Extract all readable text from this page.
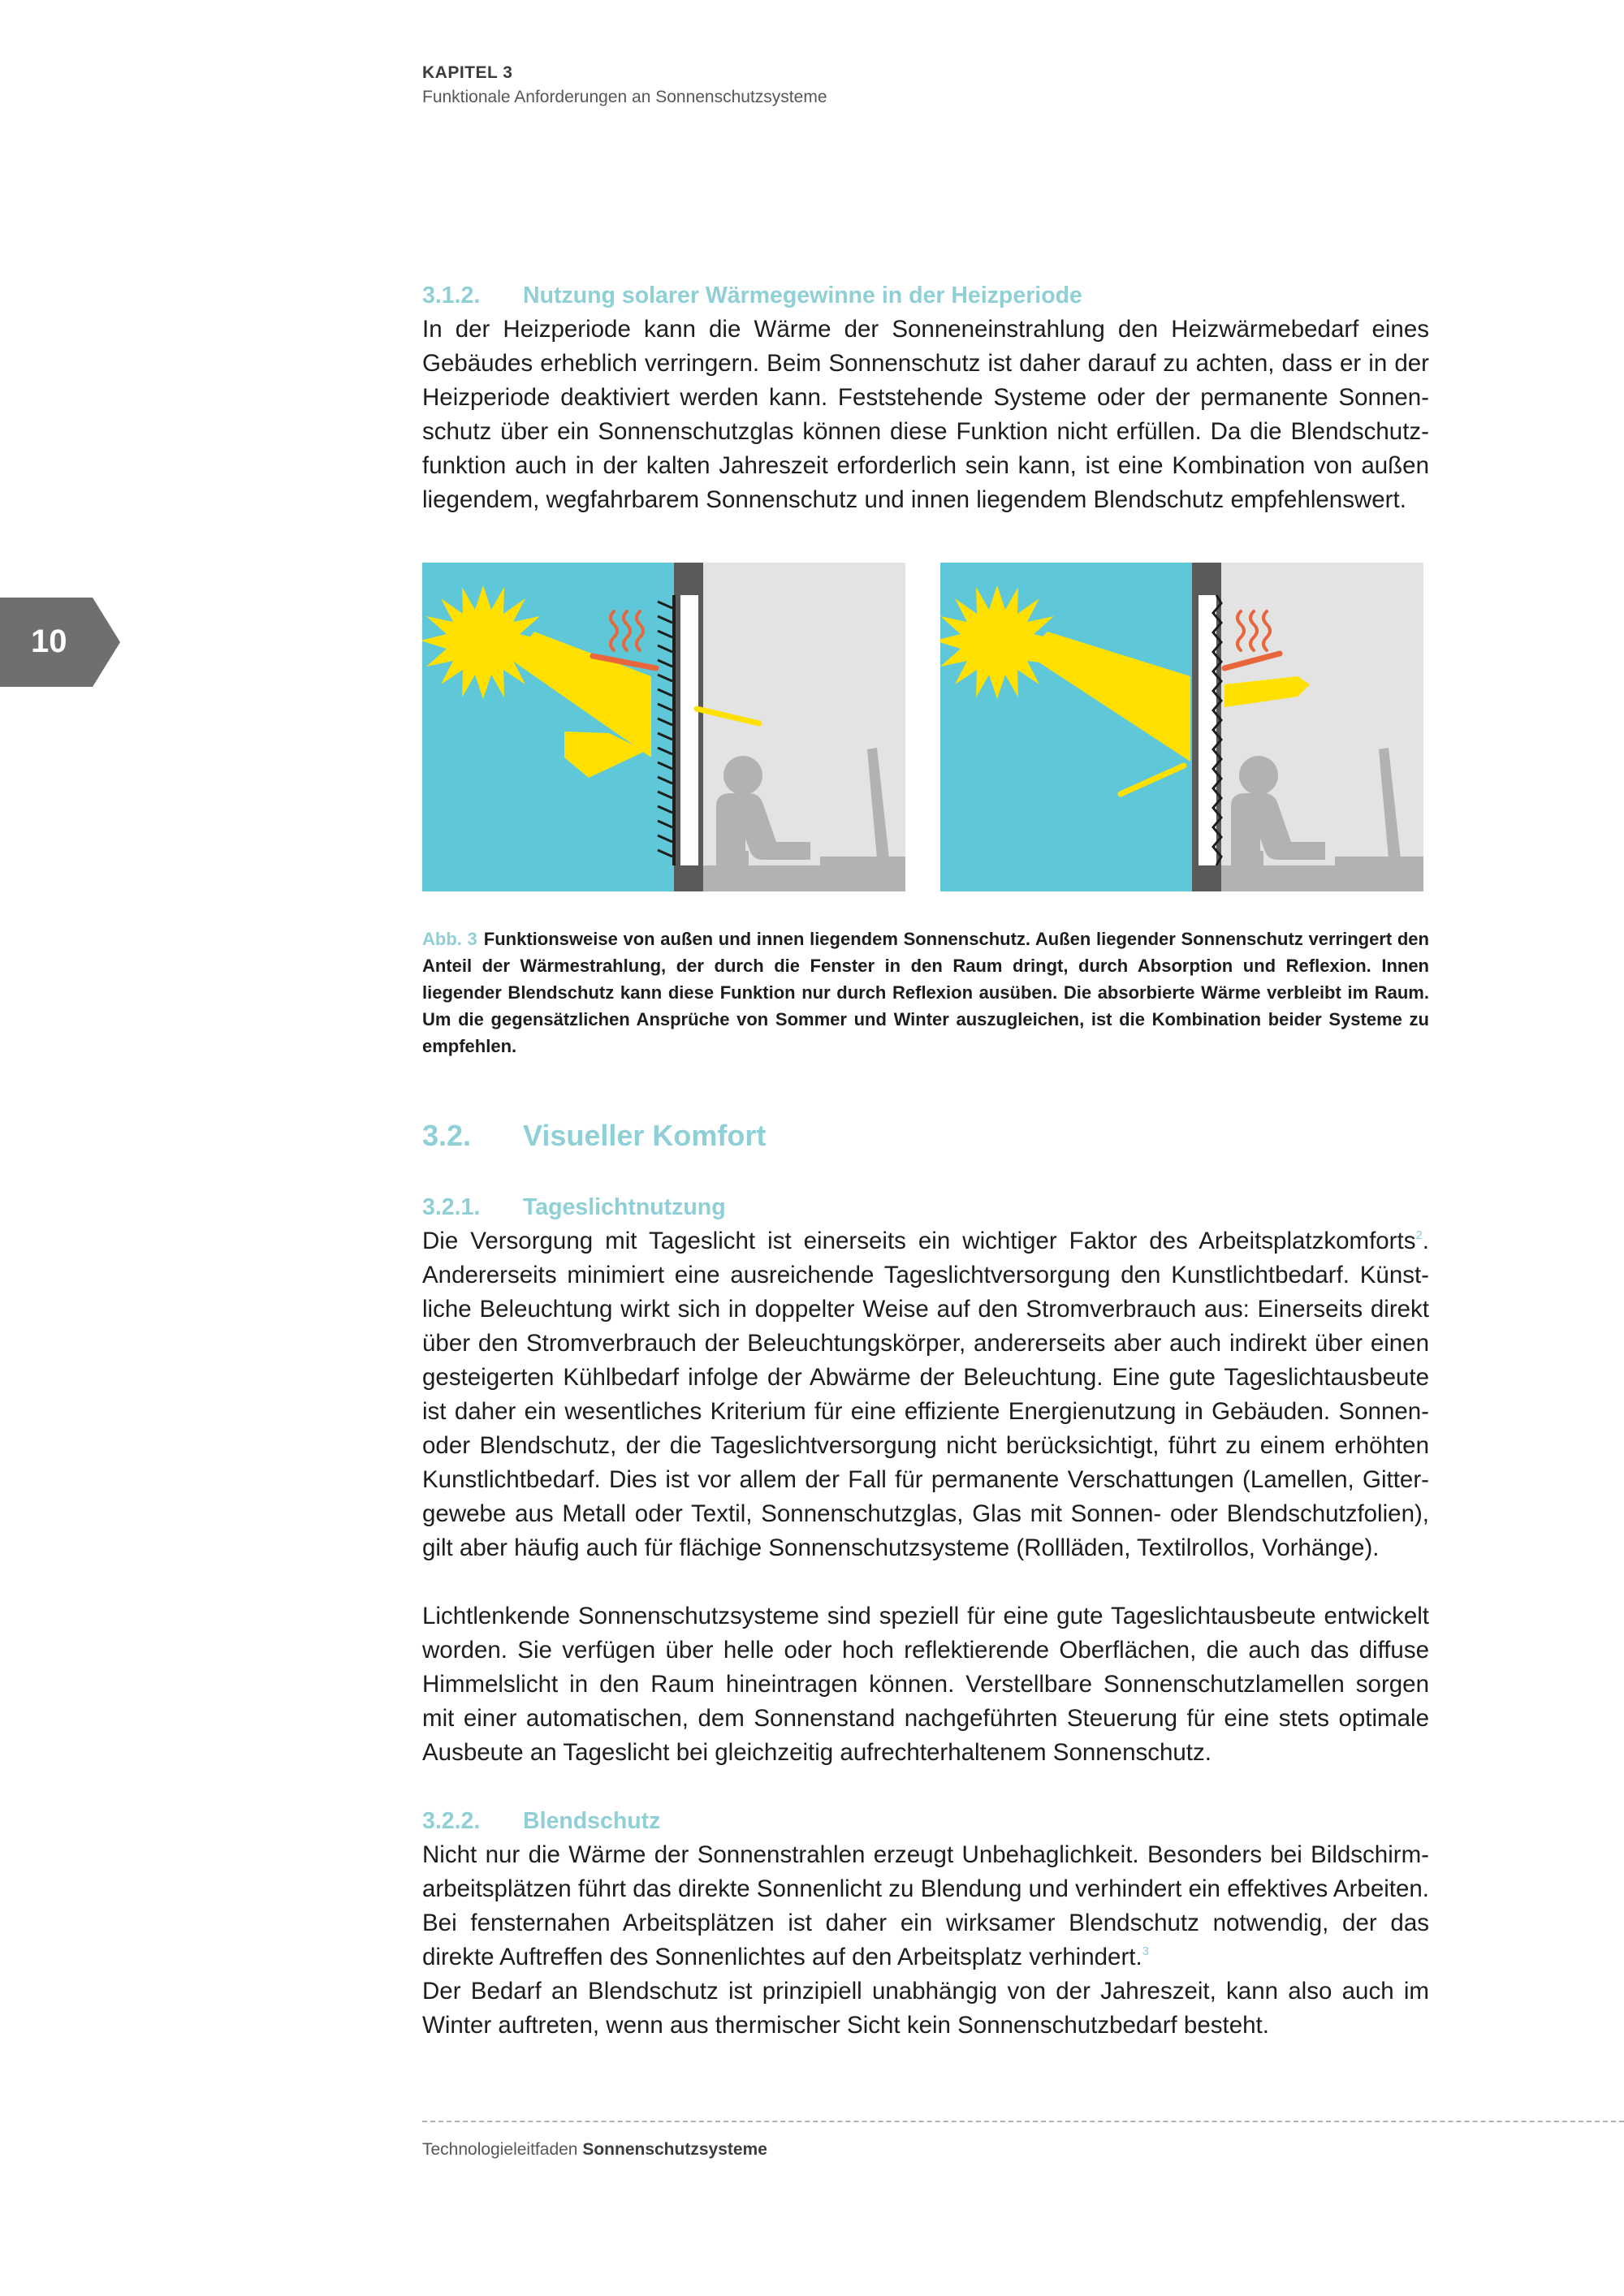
KAPITEL 3
Funktionale Anforderungen an Sonnenschutzsysteme
10
3.1.2. Nutzung solarer Wärmegewinne in der Heizperiode

In der Heizperiode kann die Wärme der Sonneneinstrahlung den Heizwärmebedarf eines Gebäudes erheblich verringern. Beim Sonnenschutz ist daher darauf zu achten, dass er in der Heizperiode deaktiviert werden kann. Feststehende Systeme oder der permanente Sonnenschutz über ein Sonnenschutzglas können diese Funktion nicht erfüllen. Da die Blendschutzfunktion auch in der kalten Jahreszeit erforderlich sein kann, ist eine Kombination von außen liegendem, wegfahrbarem Sonnenschutz und innen liegendem Blendschutz empfehlenswert.

Abb. 3 Funktionsweise von außen und innen liegendem Sonnenschutz. Außen liegender Sonnenschutz verringert den Anteil der Wärmestrahlung, der durch die Fenster in den Raum dringt, durch Absorption und Reflexion. Innen liegender Blendschutz kann diese Funktion nur durch Reflexion ausüben. Die absorbierte Wärme verbleibt im Raum. Um die gegensätzlichen Ansprüche von Sommer und Winter auszugleichen, ist die Kombination beider Systeme zu empfehlen.
3.2. Visueller Komfort
3.2.1. Tageslichtnutzung

Die Versorgung mit Tageslicht ist einerseits ein wichtiger Faktor des Arbeitsplatzkomforts$^2$. Andererseits minimiert eine ausreichende Tageslichtversorgung den Kunstlichtbedarf. Künstliche Beleuchtung wirkt sich in doppelter Weise auf den Stromverbrauch aus: Einerseits direkt über den Stromverbrauch der Beleuchtungskörper, andererseits aber auch indirekt über einen gesteigerten Kühlbedarf infolge der Abwärme der Beleuchtung. Eine gute Tageslichtausbeute ist daher ein wesentliches Kriterium für eine effiziente Energienutzung in Gebäuden. Sonnen- oder Blendschutz, der die Tageslichtversorgung nicht berücksichtigt, führt zu einem erhöhten Kunstlichtbedarf. Dies ist vor allem der Fall für permanente Verschattungen (Lamellen, Gittergewebe aus Metall oder Textil, Sonnenschutzglas, Glas mit Sonnen- oder Blendschutzfolien), gilt aber häufig auch für flächige Sonnenschutzsysteme (Rollläden, Textilrollos, Vorhänge).

Lichtlenkende Sonnenschutzsysteme sind speziell für eine gute Tageslichtausbeute entwickelt worden. Sie verfügen über helle oder hoch reflektierende Oberflächen, die auch das diffuse Himmelslicht in den Raum hineintragen können. Verstellbare Sonnenschutzlamellen sorgen mit einer automatischen, dem Sonnenstand nachgeführten Steuerung für eine stets optimale Ausbeute an Tageslicht bei gleichzeitig aufrechterhaltenem Sonnenschutz.

3.2.2. Blendschutz

Nicht nur die Wärme der Sonnenstrahlen erzeugt Unbehaglichkeit. Besonders bei Bildschirmarbeitsplätzen führt das direkte Sonnenlicht zu Blendung und verhindert ein effektives Arbeiten. Bei fensternahen Arbeitsplätzen ist daher ein wirksamer Blendschutz notwendig, der das direkte Auftreffen des Sonnenlichtes auf den Arbeitsplatz verhindert.$^3$

Der Bedarf an Blendschutz ist prinzipiell unabhängig von der Jahreszeit, kann also auch im Winter auftreten, wenn aus thermischer Sicht kein Sonnenschutzbedarf besteht.

Technologieleitfaden Sonnenschutzsysteme
